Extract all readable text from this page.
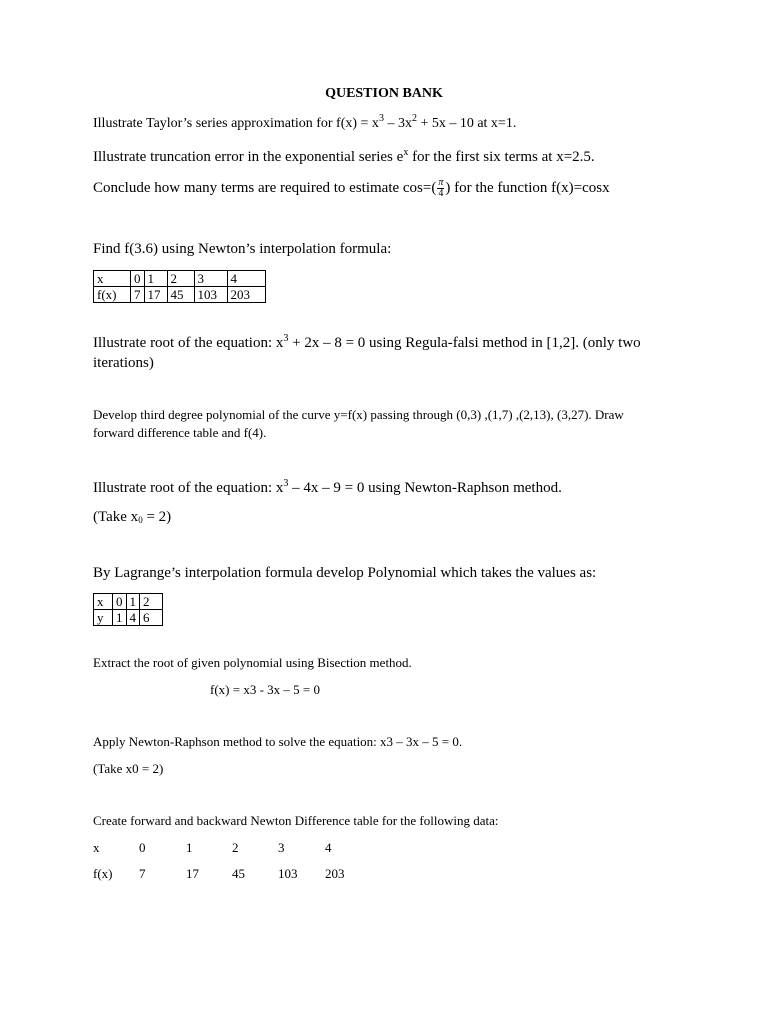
QUESTION BANK
Illustrate Taylor’s series approximation for $f(x) = x^3 - 3x^2 + 5x - 10$ at x=1.
Illustrate truncation error in the exponential series $e^x$ for the first six terms at x=2.5.
Conclude how many terms are required to estimate $\cos=( \frac{\pi}{4}$ ) for the function f(x)=cosx
Find f(3.6) using Newton’s interpolation formula:
x	0	1	2	3	4
f(x)	7	17	45	103	203
Illustrate root of the equation: $x^3 + 2x - 8 = 0$ using Regula-falsi method in [1,2]. (only two
iterations)
Develop third degree polynomial of the curve y=f(x) passing through (0,3) ,(1,7) ,(2,13), (3,27). Draw
forward difference table and f(4).
Illustrate root of the equation: $x^3 - 4x - 9 = 0$ using Newton-Raphson method.
(Take $x_0 = 2$)
By Lagrange’s interpolation formula develop Polynomial which takes the values as:
x	0	1	2
y	1	4	6
Extract the root of given polynomial using Bisection method.
f(x) = x3 - 3x – 5 = 0
Apply Newton-Raphson method to solve the equation: x3 – 3x – 5 = 0.
(Take x0 = 2)
Create forward and backward Newton Difference table for the following data:
x	0	1	2	3	4
f(x) 7	17	45	103 203
